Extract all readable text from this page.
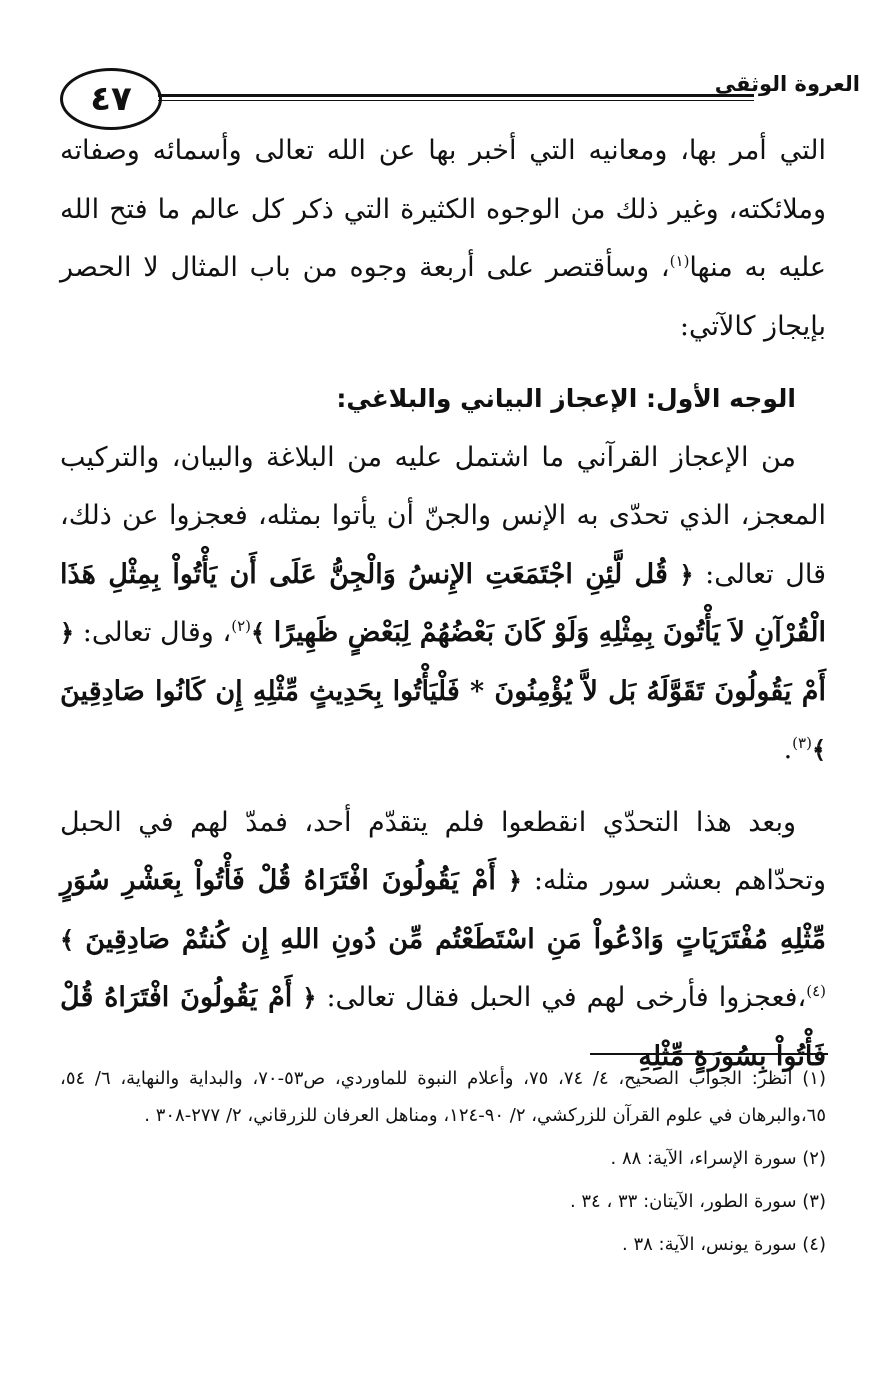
٤٧	العروة الوثقى

التي أمر بها، ومعانيه التي أخبر بها عن الله تعالى وأسمائه وصفاته وملائكته، وغير ذلك من الوجوه الكثيرة التي ذكر كل عالم ما فتح الله عليه به منها$^{(١)}$، وسأقتصر على أربعة وجوه من باب المثال لا الحصر بإيجاز كالآتي:

الوجه الأول: الإعجاز البياني والبلاغي:

من الإعجاز القرآني ما اشتمل عليه من البلاغة والبيان، والتركيب المعجز، الذي تحدّى به الإنس والجنّ أن يأتوا بمثله، فعجزوا عن ذلك، قال تعالى: ﴿ قُل لَّئِنِ اجْتَمَعَتِ الإِنسُ وَالْجِنُّ عَلَى أَن يَأْتُواْ بِمِثْلِ هَذَا الْقُرْآنِ لاَ يَأْتُونَ بِمِثْلِهِ وَلَوْ كَانَ بَعْضُهُمْ لِبَعْضٍ ظَهِيرًا ﴾$^{(٢)}$، وقال تعالى: ﴿ أَمْ يَقُولُونَ تَقَوَّلَهُ بَل لاَّ يُؤْمِنُونَ * فَلْيَأْتُوا بِحَدِيثٍ مِّثْلِهِ إِن كَانُوا صَادِقِينَ ﴾$^{(٣)}$.

وبعد هذا التحدّي انقطعوا فلم يتقدّم أحد، فمدّ لهم في الحبل وتحدّاهم بعشر سور مثله: ﴿ أَمْ يَقُولُونَ افْتَرَاهُ قُلْ فَأْتُواْ بِعَشْرِ سُوَرٍ مِّثْلِهِ مُفْتَرَيَاتٍ وَادْعُواْ مَنِ اسْتَطَعْتُم مِّن دُونِ اللهِ إِن كُنتُمْ صَادِقِينَ ﴾$^{(٤)}$،فعجزوا فأرخى لهم في الحبل فقال تعالى: ﴿ أَمْ يَقُولُونَ افْتَرَاهُ قُلْ فَأْتُواْ بِسُورَةٍ مِّثْلِهِ

(١) انظر: الجواب الصحيح، ٤/ ٧٤، ٧٥، وأعلام النبوة للماوردي، ص٥٣-٧٠، والبداية والنهاية، ٦/ ٥٤، ٦٥،والبرهان في علوم القرآن للزركشي، ٢/ ٩٠-١٢٤، ومناهل العرفان للزرقاني، ٢/ ٢٧٧-٣٠٨ .

(٢) سورة الإسراء، الآية: ٨٨ .

(٣) سورة الطور، الآيتان: ٣٣ ، ٣٤ .

(٤) سورة يونس، الآية: ٣٨ .
